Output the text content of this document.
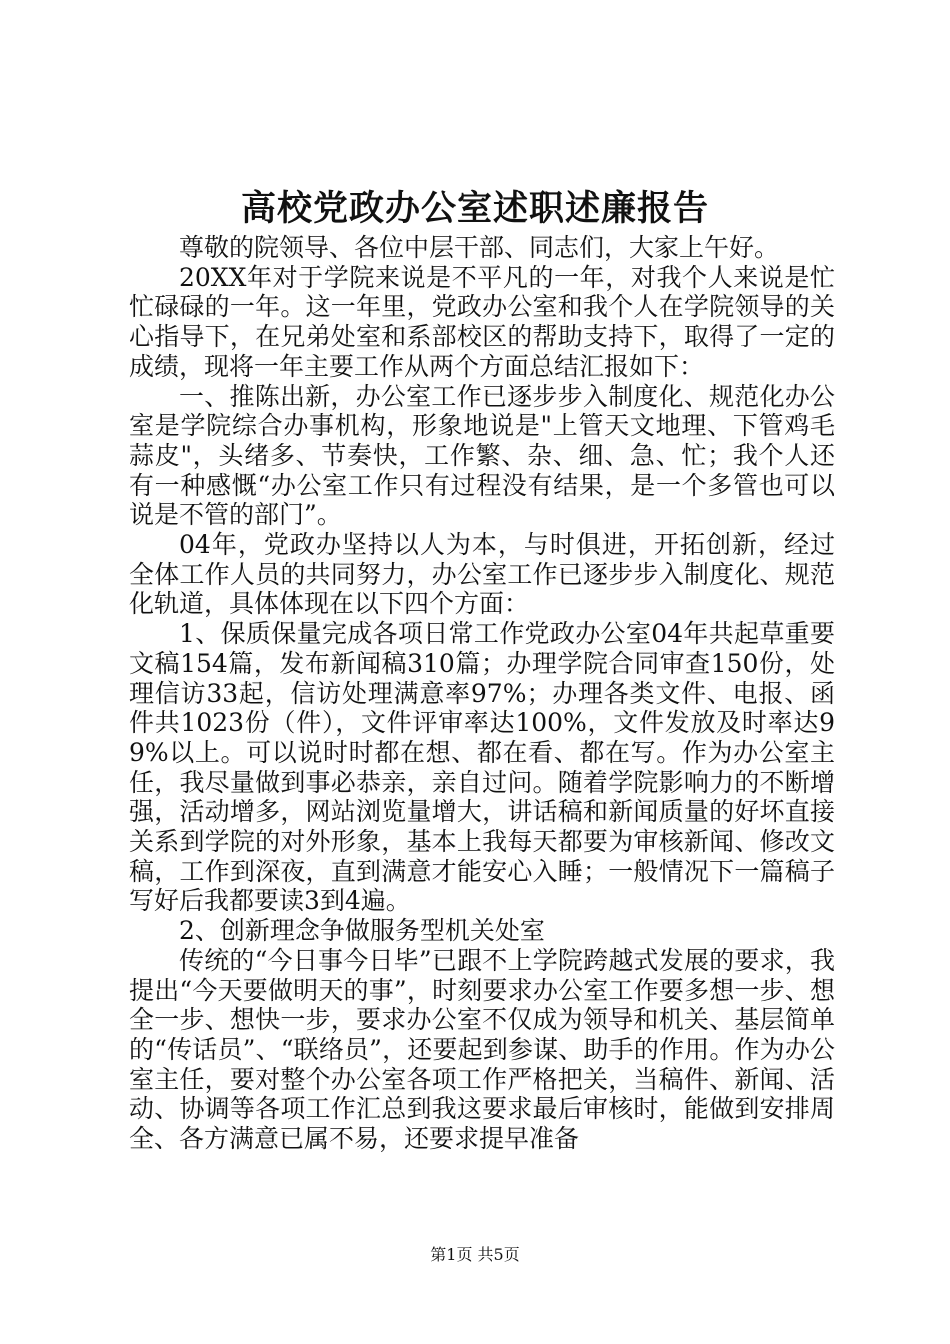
高校党政办公室述职述廉报告

尊敬的院领导、各位中层干部、同志们，大家上午好。

20XX年对于学院来说是不平凡的一年，对我个人来说是忙忙碌碌的一年。这一年里，党政办公室和我个人在学院领导的关心指导下，在兄弟处室和系部校区的帮助支持下，取得了一定的成绩，现将一年主要工作从两个方面总结汇报如下：

一、推陈出新，办公室工作已逐步步入制度化、规范化办公室是学院综合办事机构，形象地说是"上管天文地理、下管鸡毛蒜皮"，头绪多、节奏快，工作繁、杂、细、急、忙；我个人还有一种感慨“办公室工作只有过程没有结果，是一个多管也可以说是不管的部门”。

04年，党政办坚持以人为本，与时俱进，开拓创新，经过全体工作人员的共同努力，办公室工作已逐步步入制度化、规范化轨道，具体体现在以下四个方面：

1、保质保量完成各项日常工作党政办公室04年共起草重要文稿154篇，发布新闻稿310篇；办理学院合同审查150份，处理信访33起，信访处理满意率97%；办理各类文件、电报、函件共1023份（件），文件评审率达100%，文件发放及时率达99%以上。可以说时时都在想、都在看、都在写。作为办公室主任，我尽量做到事必恭亲，亲自过问。随着学院影响力的不断增强，活动增多，网站浏览量增大，讲话稿和新闻质量的好坏直接关系到学院的对外形象，基本上我每天都要为审核新闻、修改文稿，工作到深夜，直到满意才能安心入睡；一般情况下一篇稿子写好后我都要读3到4遍。

2、创新理念争做服务型机关处室

传统的“今日事今日毕”已跟不上学院跨越式发展的要求，我提出“今天要做明天的事”，时刻要求办公室工作要多想一步、想全一步、想快一步，要求办公室不仅成为领导和机关、基层简单的“传话员”、“联络员”，还要起到参谋、助手的作用。作为办公室主任，要对整个办公室各项工作严格把关，当稿件、新闻、活动、协调等各项工作汇总到我这要求最后审核时，能做到安排周全、各方满意已属不易，还要求提早准备

第1页 共5页
